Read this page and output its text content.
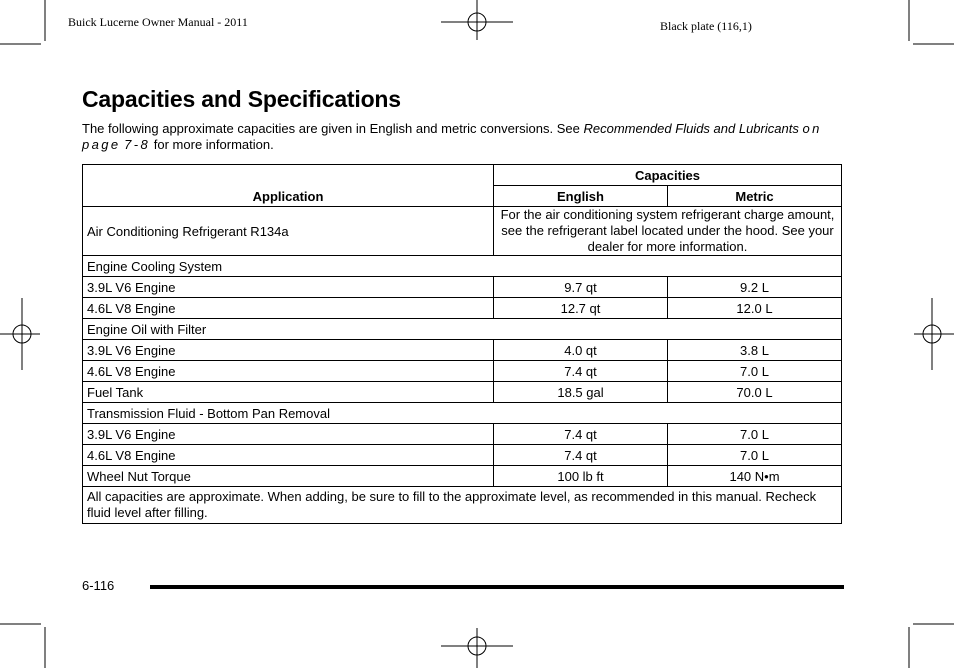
Buick Lucerne Owner Manual - 2011	Black plate (116,1)
Capacities and Specifications

The following approximate capacities are given in English and metric conversions. See Recommended Fluids and Lubricants on page 7-8 for more information.

Application	Capacities	
	English	Metric
Air Conditioning Refrigerant R134a	For the air conditioning system refrigerant charge amount, see the refrigerant label located under the hood. See your dealer for more information.	
Engine Cooling System		
3.9L V6 Engine	9.7 qt	9.2 L
4.6L V8 Engine	12.7 qt	12.0 L
Engine Oil with Filter		
3.9L V6 Engine	4.0 qt	3.8 L
4.6L V8 Engine	7.4 qt	7.0 L
Fuel Tank	18.5 gal	70.0 L
Transmission Fluid - Bottom Pan Removal		
3.9L V6 Engine	7.4 qt	7.0 L
4.6L V8 Engine	7.4 qt	7.0 L
Wheel Nut Torque	100 lb ft	140 N•m
All capacities are approximate. When adding, be sure to fill to the approximate level, as recommended in this manual. Recheck fluid level after filling.		
6-116
